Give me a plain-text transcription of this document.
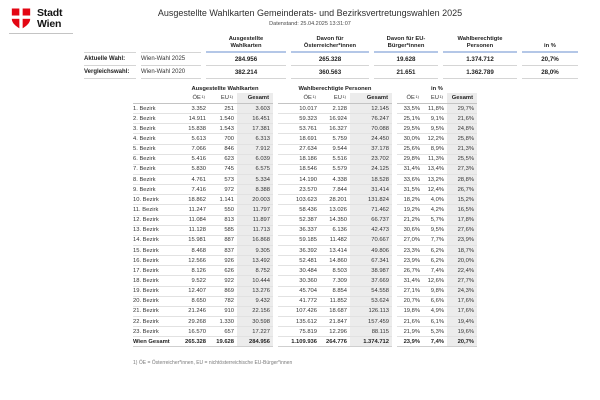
Stadt
Wien
Ausgestellte Wahlkarten Gemeinderats- und Bezirksvertretungswahlen 2025
Datenstand: 25.04.2025 13:31:07
Ausgestellte Wahlkarten
Davon für Österreicher*innen
Davon für EU-Bürger*innen
Wahlberechtigte Personen	in %
Aktuelle Wahl:	Wien-Wahl 2025	284.956	265.328	19.628	1.374.712	20,7%
Vergleichswahl:	Wien-Wahl 2020	382.214	360.563	21.651	1.362.789	28,0%
Ausgestellte Wahlkarten	Wahlberechtigte Personen	in %
ÖE 1)	EU 1)	Gesamt	ÖE 1)	EU 1)	Gesamt	ÖE 1) EU 1) Gesamt
1. Bezirk	3.352	251	3.603	10.017	2.128	12.145	33,5%	11,8%	29,7%
2. Bezirk	14.911	1.540	16.451	59.323	16.924	76.247	25,1%	9,1%	21,6%
3. Bezirk	15.838	1.543	17.381	53.761	16.327	70.088	29,5%	9,5%	24,8%
4. Bezirk	5.613	700	6.313	18.691	5.759	24.450	30,0%	12,2%	25,8%
5. Bezirk	7.066	846	7.912	27.634	9.544	37.178	25,6%	8,9%	21,3%
6. Bezirk	5.416	623	6.039	18.186	5.516	23.702	29,8%	11,3%	25,5%
7. Bezirk	5.830	745	6.575	18.546	5.579	24.125	31,4%	13,4%	27,3%
8. Bezirk	4.761	573	5.334	14.190	4.338	18.528	33,6%	13,2%	28,8%
9. Bezirk	7.416	972	8.388	23.570	7.844	31.414	31,5%	12,4%	26,7%
10. Bezirk	18.862	1.141	20.003	103.623	28.201	131.824	18,2%	4,0%	15,2%
11. Bezirk	11.247	550	11.797	58.436	13.026	71.462	19,2%	4,2%	16,5%
12. Bezirk	11.084	813	11.897	52.387	14.350	66.737	21,2%	5,7%	17,8%
13. Bezirk	11.128	585	11.713	36.337	6.136	42.473	30,6%	9,5%	27,6%
14. Bezirk	15.981	887	16.868	59.185	11.482	70.667	27,0%	7,7%	23,9%
15. Bezirk	8.468	837	9.305	36.392	13.414	49.806	23,3%	6,2%	18,7%
16. Bezirk	12.566	926	13.492	52.481	14.860	67.341	23,9%	6,2%	20,0%
17. Bezirk	8.126	626	8.752	30.484	8.503	38.987	26,7%	7,4%	22,4%
18. Bezirk	9.522	922	10.444	30.360	7.309	37.669	31,4%	12,6%	27,7%
19. Bezirk	12.407	869	13.276	45.704	8.854	54.558	27,1%	9,8%	24,3%
20. Bezirk	8.650	782	9.432	41.772	11.852	53.624	20,7%	6,6%	17,6%
21. Bezirk	21.246	910	22.156	107.426	18.687	126.113	19,8%	4,9%	17,6%
22. Bezirk	29.268	1.330	30.598	135.612	21.847	157.459	21,6%	6,1%	19,4%
23. Bezirk	16.570	657	17.227	75.819	12.296	88.115	21,9%	5,3%	19,6%
Wien Gesamt	265.328	19.628	284.956	1.109.936	264.776	1.374.712	23,9%	7,4%	20,7%
1) ÖE = Österreicher*innen, EU = nichtösterreichische EU-Bürger*innen
